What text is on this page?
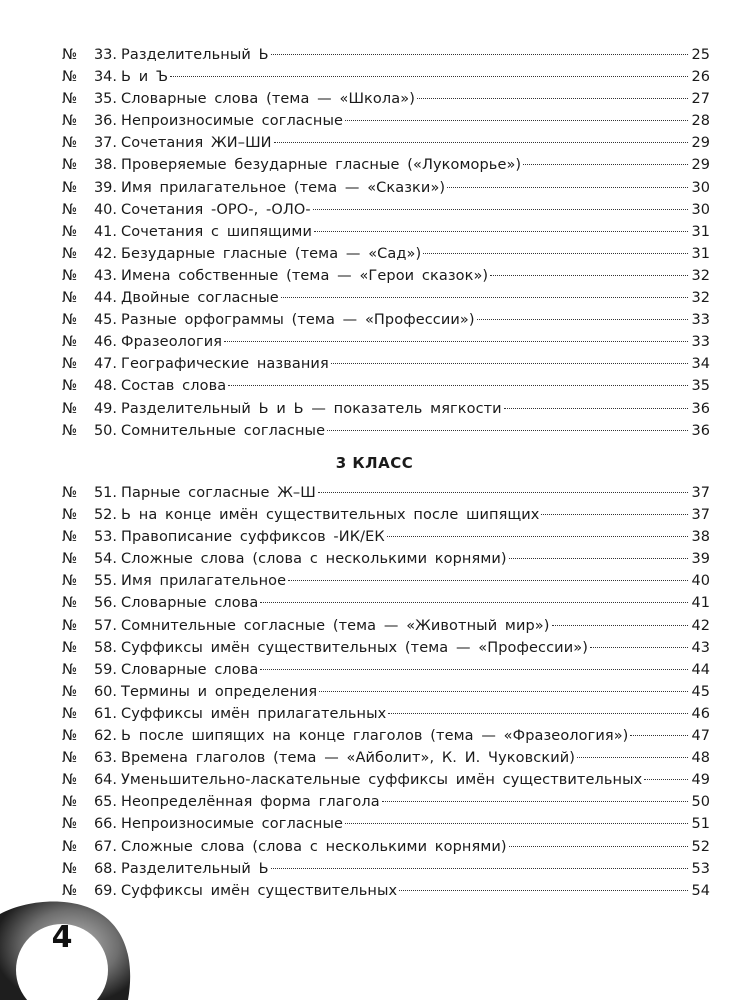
№	33. Разделительный Ь	25
№	34. Ь и Ъ	26
№	35. Словарные слова (тема — «Школа»)	27
№	36. Непроизносимые согласные	28
№	37. Сочетания ЖИ–ШИ	29
№	38. Проверяемые безударные гласные («Лукоморье»)	29
№	39. Имя прилагательное (тема — «Сказки»)	30
№	40. Сочетания -ОРО-, -ОЛО-	30
№	41. Сочетания с шипящими	31
№	42. Безударные гласные (тема — «Сад»)	31
№	43. Имена собственные (тема — «Герои сказок»)	32
№	44. Двойные согласные	32
№	45. Разные орфограммы (тема — «Профессии»)	33
№	46. Фразеология	33
№	47. Географические названия	34
№	48. Состав слова	35
№	49. Разделительный Ь и Ь — показатель мягкости	36
№	50. Сомнительные согласные	36
3 КЛАСС
№	51. Парные согласные Ж–Ш	37
№	52. Ь на конце имён существительных после шипящих	37
№	53. Правописание суффиксов -ИК/ЕК	38
№	54. Сложные слова (слова с несколькими корнями)	39
№	55. Имя прилагательное	40
№	56. Словарные слова	41
№	57. Сомнительные согласные (тема — «Животный мир»)	42
№	58. Суффиксы имён существительных (тема — «Профессии»)	43
№	59. Словарные слова	44
№	60. Термины и определения	45
№	61. Суффиксы имён прилагательных	46
№	62. Ь после шипящих на конце глаголов (тема — «Фразеология»)	47
№	63. Времена глаголов (тема — «Айболит», К. И. Чуковский)	48
№	64. Уменьшительно-ласкательные суффиксы имён существительных	49
№	65. Неопределённая форма глагола	50
№	66. Непроизносимые согласные	51
№	67. Сложные слова (слова с несколькими корнями)	52
№	68. Разделительный Ь	53
№	69. Суффиксы имён существительных	54
4
